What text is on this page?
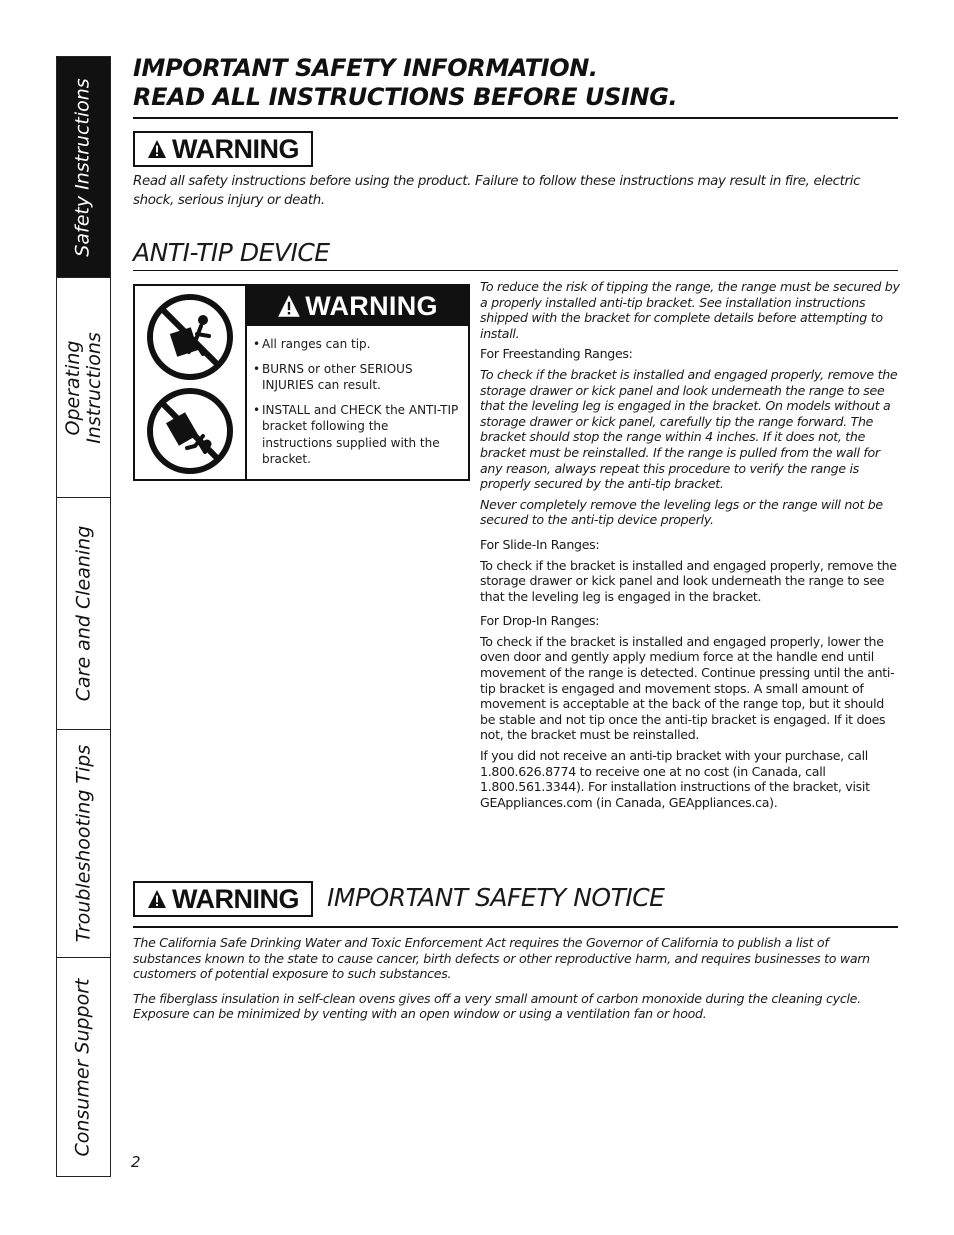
Safety Instructions
Operating
Instructions
Care and Cleaning
Troubleshooting Tips
Consumer Support
IMPORTANT SAFETY INFORMATION.
READ ALL INSTRUCTIONS BEFORE USING.
WARNING
Read all safety instructions before using the product. Failure to follow these instructions may result in fire, electric shock, serious injury or death.
ANTI-TIP DEVICE
WARNING
• All ranges can tip.
• BURNS or other SERIOUS INJURIES can result.
• INSTALL and CHECK the ANTI-TIP bracket following the instructions supplied with the bracket.

To reduce the risk of tipping the range, the range must be secured by a properly installed anti-tip bracket. See installation instructions shipped with the bracket for complete details before attempting to install.

For Freestanding Ranges:

To check if the bracket is installed and engaged properly, remove the storage drawer or kick panel and look underneath the range to see that the leveling leg is engaged in the bracket. On models without a storage drawer or kick panel, carefully tip the range forward. The bracket should stop the range within 4 inches. If it does not, the bracket must be reinstalled. If the range is pulled from the wall for any reason, always repeat this procedure to verify the range is properly secured by the anti-tip bracket.

Never completely remove the leveling legs or the range will not be secured to the anti-tip device properly.

For Slide-In Ranges:

To check if the bracket is installed and engaged properly, remove the storage drawer or kick panel and look underneath the range to see that the leveling leg is engaged in the bracket.

For Drop-In Ranges:

To check if the bracket is installed and engaged properly, lower the oven door and gently apply medium force at the handle end until movement of the range is detected. Continue pressing until the anti-tip bracket is engaged and movement stops. A small amount of movement is acceptable at the back of the range top, but it should be stable and not tip once the anti-tip bracket is engaged. If it does not, the bracket must be reinstalled.

If you did not receive an anti-tip bracket with your purchase, call 1.800.626.8774 to receive one at no cost (in Canada, call 1.800.561.3344). For installation instructions of the bracket, visit GEAppliances.com (in Canada, GEAppliances.ca).

WARNING IMPORTANT SAFETY NOTICE

The California Safe Drinking Water and Toxic Enforcement Act requires the Governor of California to publish a list of substances known to the state to cause cancer, birth defects or other reproductive harm, and requires businesses to warn customers of potential exposure to such substances.

The fiberglass insulation in self-clean ovens gives off a very small amount of carbon monoxide during the cleaning cycle. Exposure can be minimized by venting with an open window or using a ventilation fan or hood.

2
